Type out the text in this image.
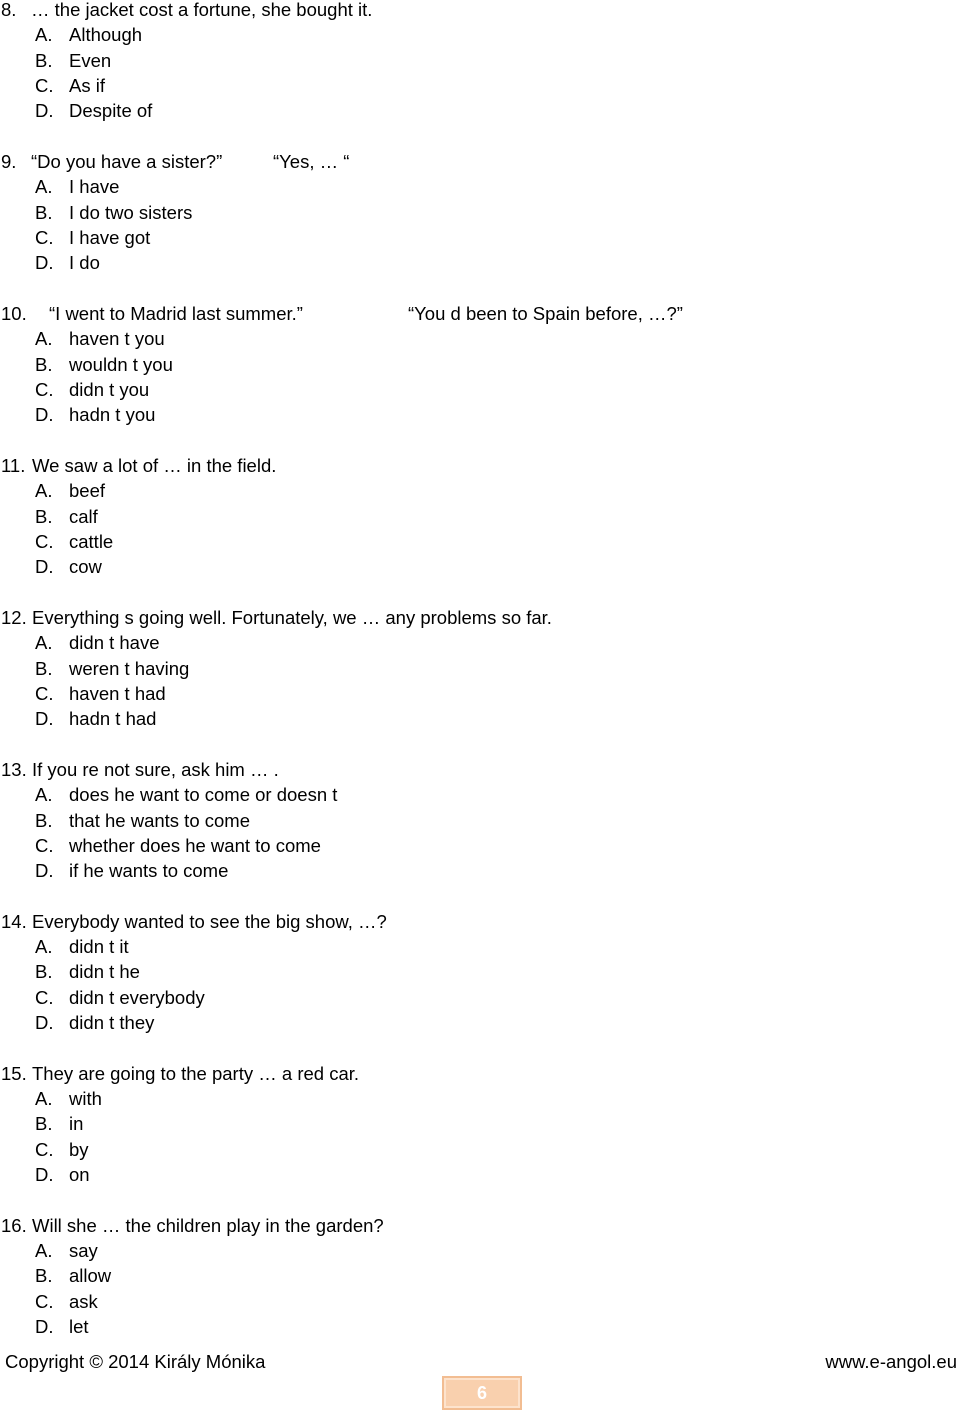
8. … the jacket cost a fortune, she bought it.
A. Although
B. Even
C. As if
D. Despite of
9. “Do you have a sister?”	“Yes, … “
A. I have
B. I do two sisters
C. I have got
D. I do
10. “I went to Madrid last summer.”	“You d been to Spain before, …?”
A. haven t you
B. wouldn t you
C. didn t you
D. hadn t you
11. We saw a lot of … in the field.
A. beef
B. calf
C. cattle
D. cow
12. Everything s going well. Fortunately, we … any problems so far.
A. didn t have
B. weren t having
C. haven t had
D. hadn t had
13. If you re not sure, ask him … .
A. does he want to come or doesn t
B. that he wants to come
C. whether does he want to come
D. if he wants to come
14. Everybody wanted to see the big show, …?
A. didn t it
B. didn t he
C. didn t everybody
D. didn t they
15. They are going to the party … a red car.
A. with
B. in
C. by
D. on
16. Will she … the children play in the garden?
A. say
B. allow
C. ask
D. let
Copyright © 2014 Király Mónika	www.e-angol.eu
6
